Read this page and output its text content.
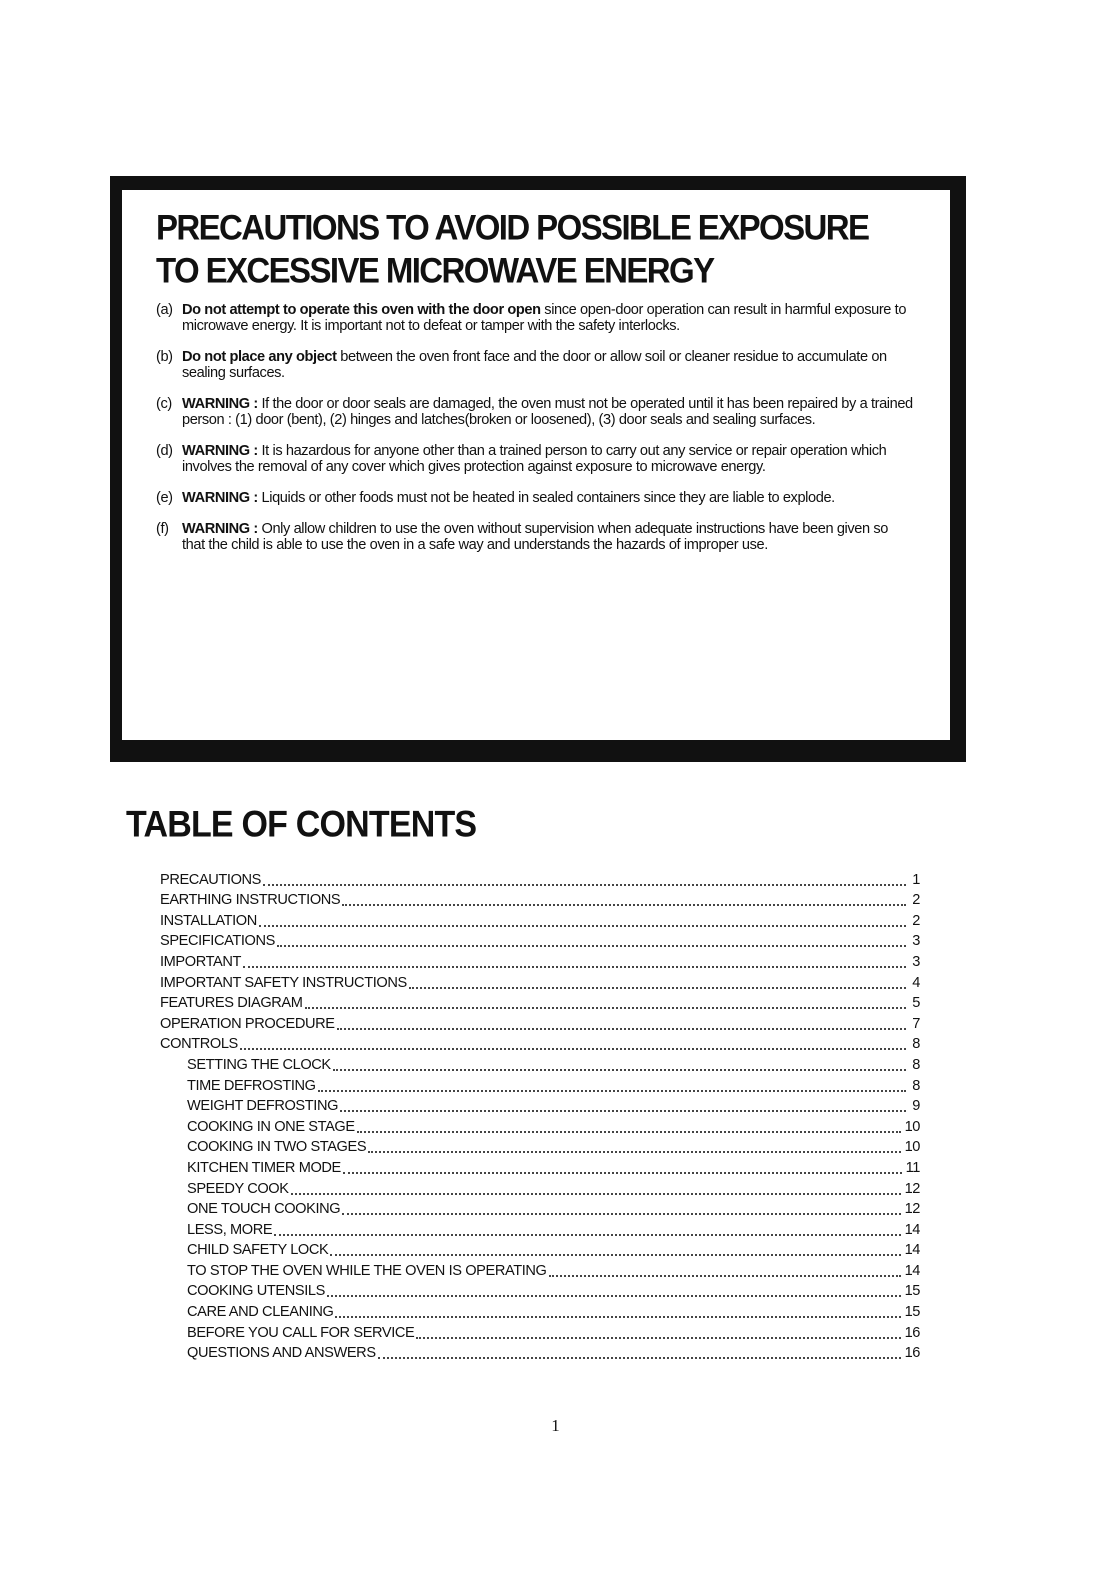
PRECAUTIONS TO AVOID POSSIBLE EXPOSURE
TO EXCESSIVE MICROWAVE ENERGY
(a) Do not attempt to operate this oven with the door open since open-door operation can result in harmful exposure to microwave energy. It is important not to defeat or tamper with the safety interlocks.
(b) Do not place any object between the oven front face and the door or allow soil or cleaner residue to accumulate on sealing surfaces.
(c) WARNING : If the door or door seals are damaged, the oven must not be operated until it has been repaired by a trained person : (1) door (bent), (2) hinges and latches(broken or loosened), (3) door seals and sealing surfaces.
(d) WARNING : It is hazardous for anyone other than a trained person to carry out any service or repair operation which involves the removal of any cover which gives protection against exposure to microwave energy.
(e) WARNING : Liquids or other foods must not be heated in sealed containers since they are liable to explode.
(f) WARNING : Only allow children to use the oven without supervision when adequate instructions have been given so that the child is able to use the oven in a safe way and understands the hazards of improper use.
TABLE OF CONTENTS
PRECAUTIONS	1
EARTHING INSTRUCTIONS	2
INSTALLATION	2
SPECIFICATIONS	3
IMPORTANT	3
IMPORTANT SAFETY INSTRUCTIONS	4
FEATURES DIAGRAM	5
OPERATION PROCEDURE	7
CONTROLS	8
SETTING THE CLOCK	8
TIME DEFROSTING	8
WEIGHT DEFROSTING	9
COOKING IN ONE STAGE	10
COOKING IN TWO STAGES	10
KITCHEN TIMER MODE	11
SPEEDY COOK	12
ONE TOUCH COOKING	12
LESS, MORE	14
CHILD SAFETY LOCK	14
TO STOP THE OVEN WHILE THE OVEN IS OPERATING	14
COOKING UTENSILS	15
CARE AND CLEANING	15
BEFORE YOU CALL FOR SERVICE	16
QUESTIONS AND ANSWERS	16
1
